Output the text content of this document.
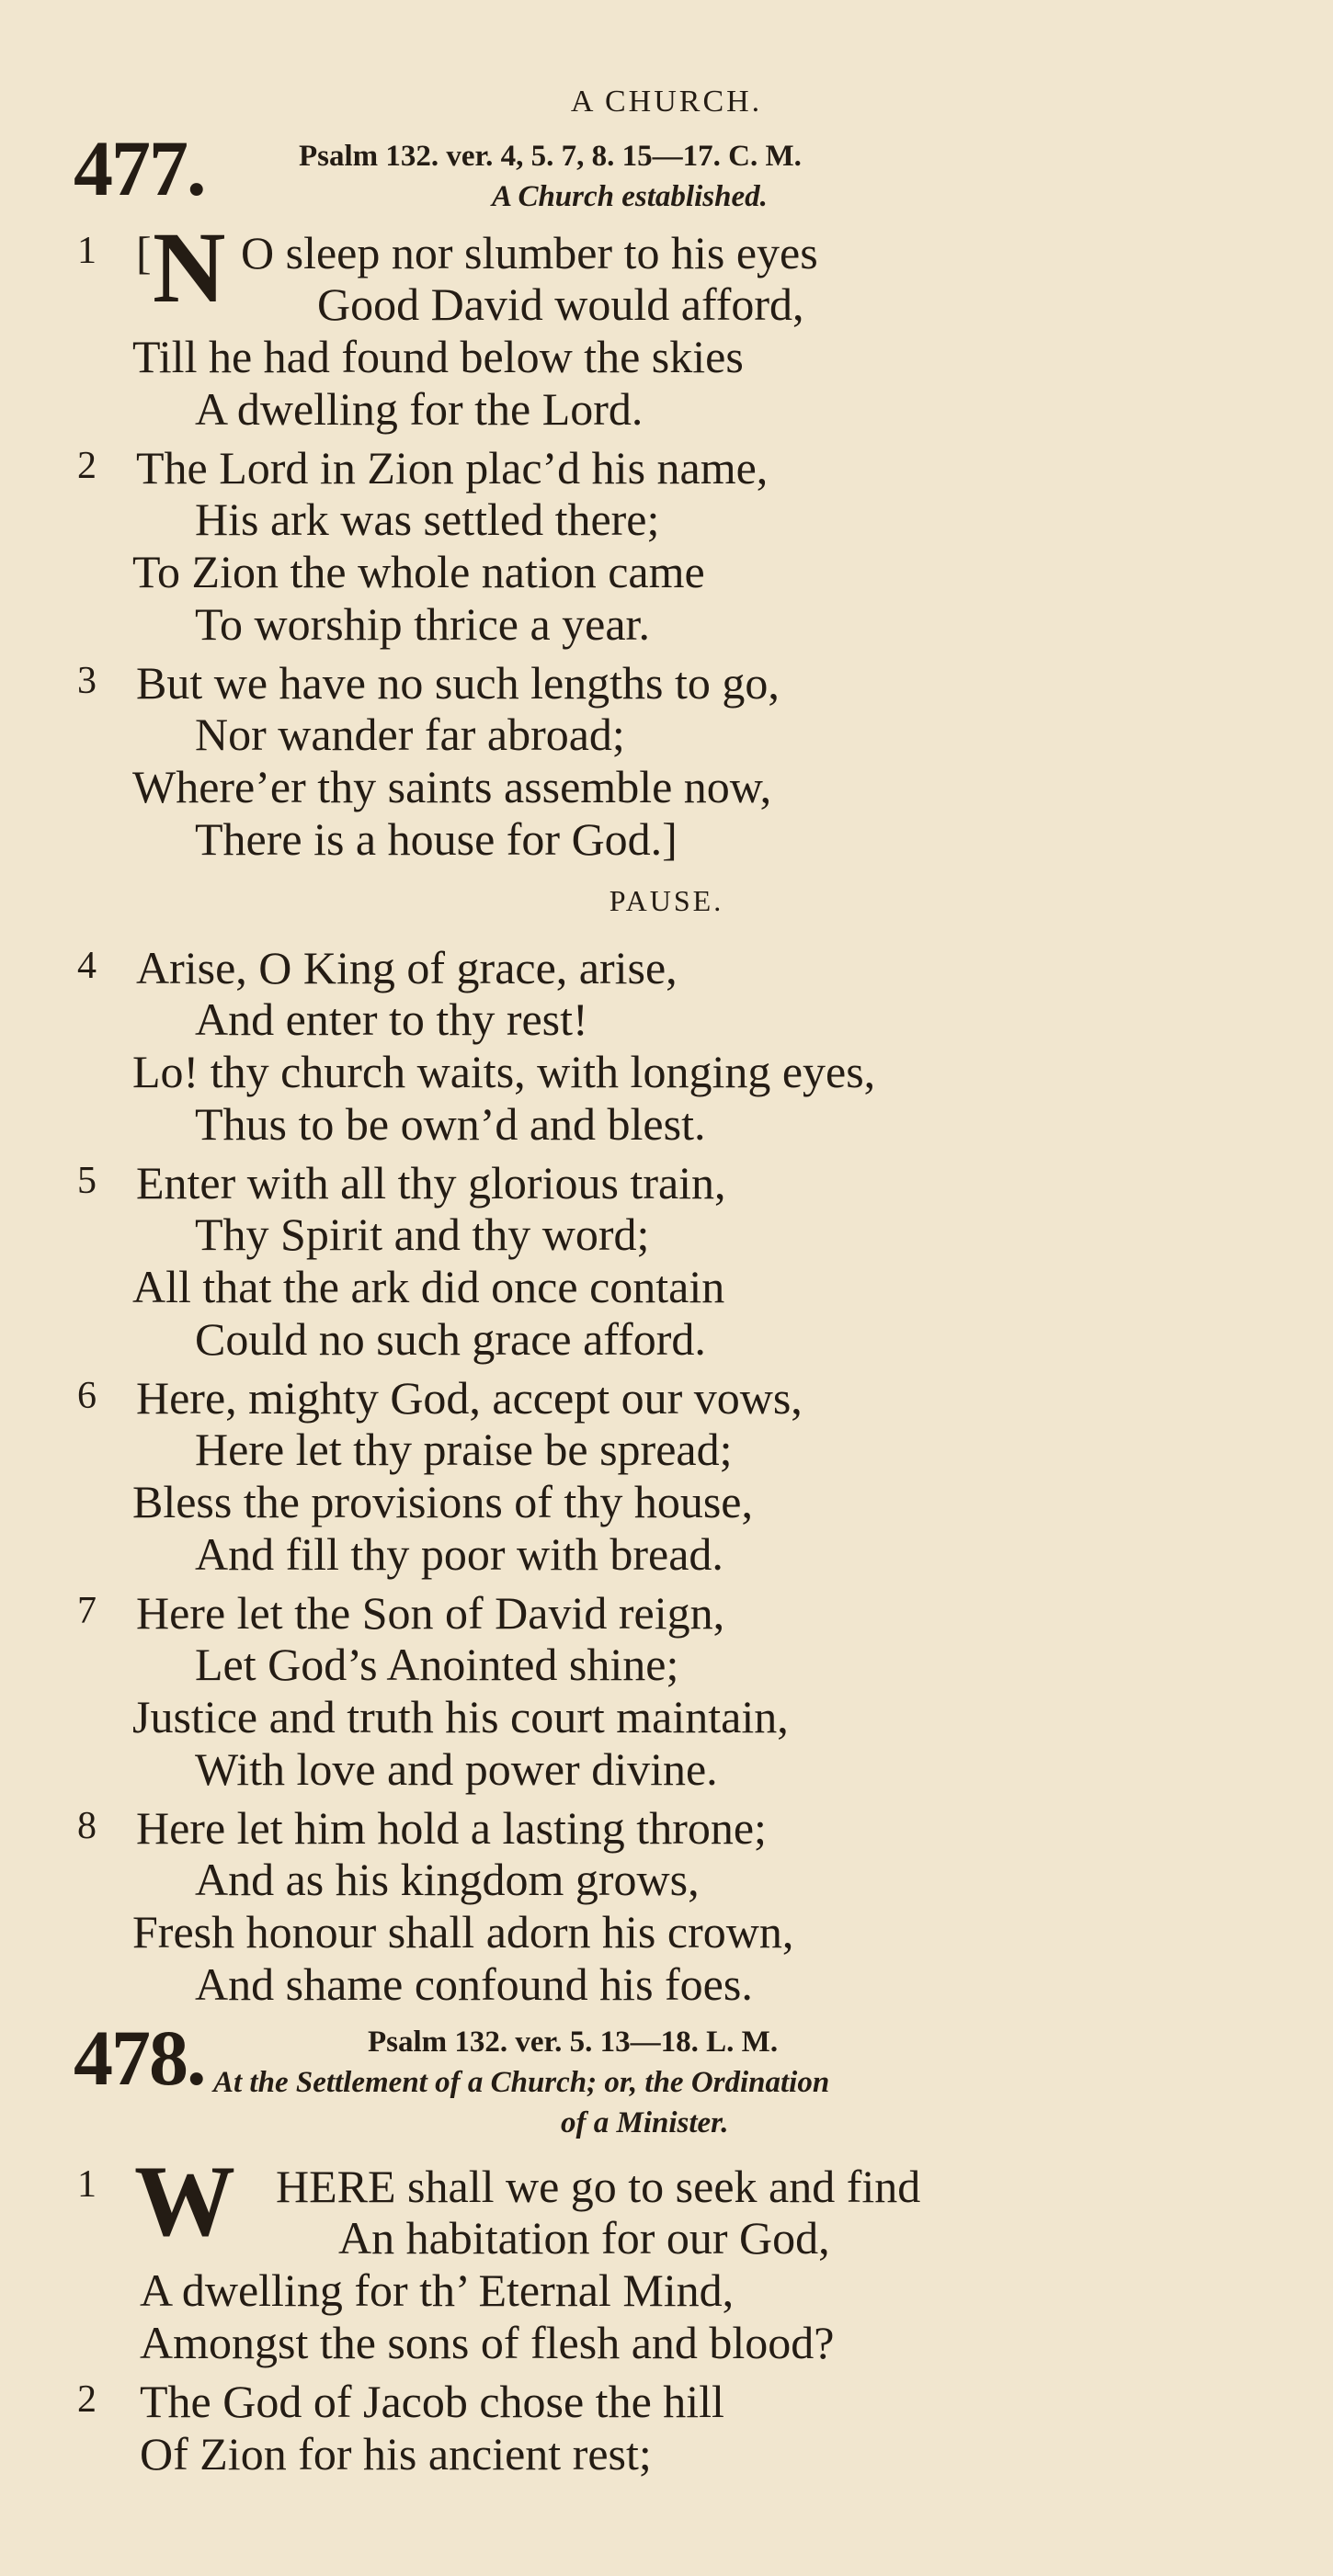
A CHURCH.
477.	Psalm 132. ver. 4, 5. 7, 8. 15—17. C. M.
A Church established.
1 [ N O sleep nor slumber to his eyes
Good David would afford,
Till he had found below the skies
A dwelling for the Lord.
2 The Lord in Zion plac’d his name,
His ark was settled there;
To Zion the whole nation came
To worship thrice a year.
3 But we have no such lengths to go,
Nor wander far abroad;
Where’er thy saints assemble now,
There is a house for God.]
PAUSE.
4 Arise, O King of grace, arise,
And enter to thy rest!
Lo! thy church waits, with longing eyes,
Thus to be own’d and blest.
5 Enter with all thy glorious train,
Thy Spirit and thy word;
All that the ark did once contain
Could no such grace afford.
6 Here, mighty God, accept our vows,
Here let thy praise be spread;
Bless the provisions of thy house,
And fill thy poor with bread.
7 Here let the Son of David reign,
Let God’s Anointed shine;
Justice and truth his court maintain,
With love and power divine.
8 Here let him hold a lasting throne;
And as his kingdom grows,
Fresh honour shall adorn his crown,
And shame confound his foes.
478.	Psalm 132. ver. 5. 13—18. L. M.
At the Settlement of a Church; or, the Ordination
of a Minister.
1 W HERE shall we go to seek and find
An habitation for our God,
A dwelling for th’ Eternal Mind,
Amongst the sons of flesh and blood?
2 The God of Jacob chose the hill
Of Zion for his ancient rest;
